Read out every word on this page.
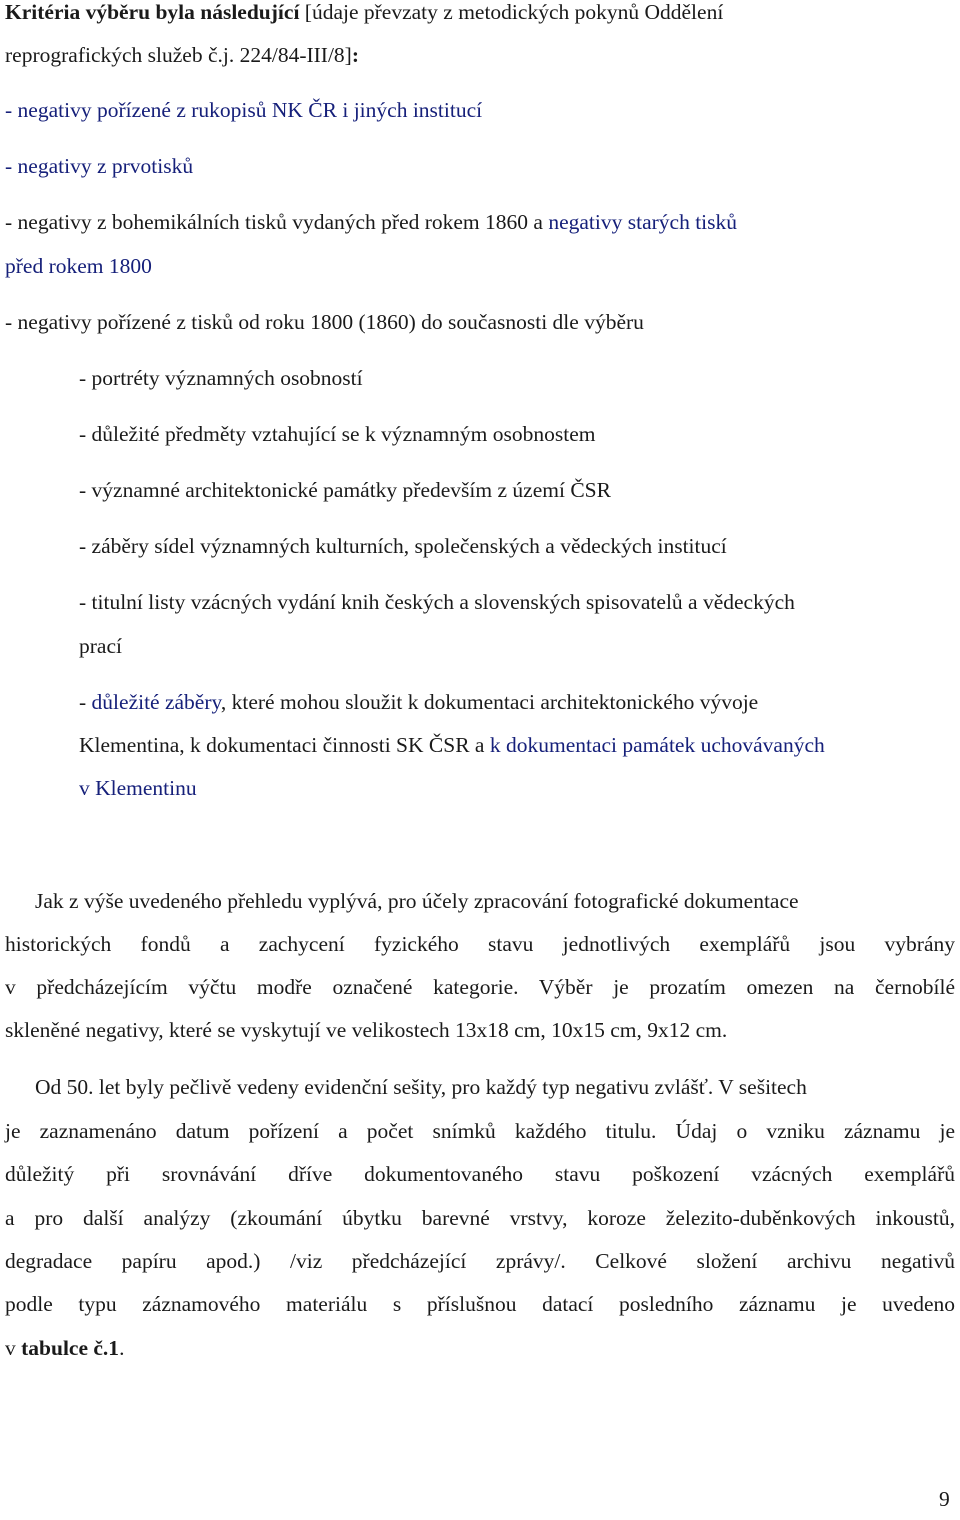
Kritéria výběru byla následující [údaje převzaty z metodických pokynů Oddělení
reprografických služeb č.j. 224/84-III/8]:
- negativy pořízené z rukopisů NK ČR i jiných institucí
- negativy z prvotisků
- negativy z bohemikálních tisků vydaných před rokem 1860 a negativy starých tisků
před rokem 1800
- negativy pořízené z tisků od roku 1800 (1860) do současnosti dle výběru
- portréty významných osobností
- důležité předměty vztahující se k významným osobnostem
- významné architektonické památky především z území ČSR
- záběry sídel významných kulturních, společenských a vědeckých institucí
- titulní listy vzácných vydání knih českých a slovenských spisovatelů a vědeckých
prací
- důležité záběry, které mohou sloužit k dokumentaci architektonického vývoje
Klementina, k dokumentaci činnosti SK ČSR a k dokumentaci památek uchovávaných
v Klementinu
Jak z výše uvedeného přehledu vyplývá, pro účely zpracování fotografické dokumentace
historických fondů a zachycení fyzického stavu jednotlivých exemplářů jsou vybrány
v předcházejícím výčtu modře označené kategorie. Výběr je prozatím omezen na černobílé
skleněné negativy, které se vyskytují ve velikostech 13x18 cm, 10x15 cm, 9x12 cm.
Od 50. let byly pečlivě vedeny evidenční sešity, pro každý typ negativu zvlášť. V sešitech
je zaznamenáno datum pořízení a počet snímků každého titulu. Údaj o vzniku záznamu je
důležitý při srovnávání dříve dokumentovaného stavu poškození vzácných exemplářů
a pro další analýzy (zkoumání úbytku barevné vrstvy, koroze železito-duběnkových inkoustů,
degradace papíru apod.) /viz předcházející zprávy/. Celkové složení archivu negativů
podle typu záznamového materiálu s příslušnou datací posledního záznamu je uvedeno
v tabulce č.1.
9
